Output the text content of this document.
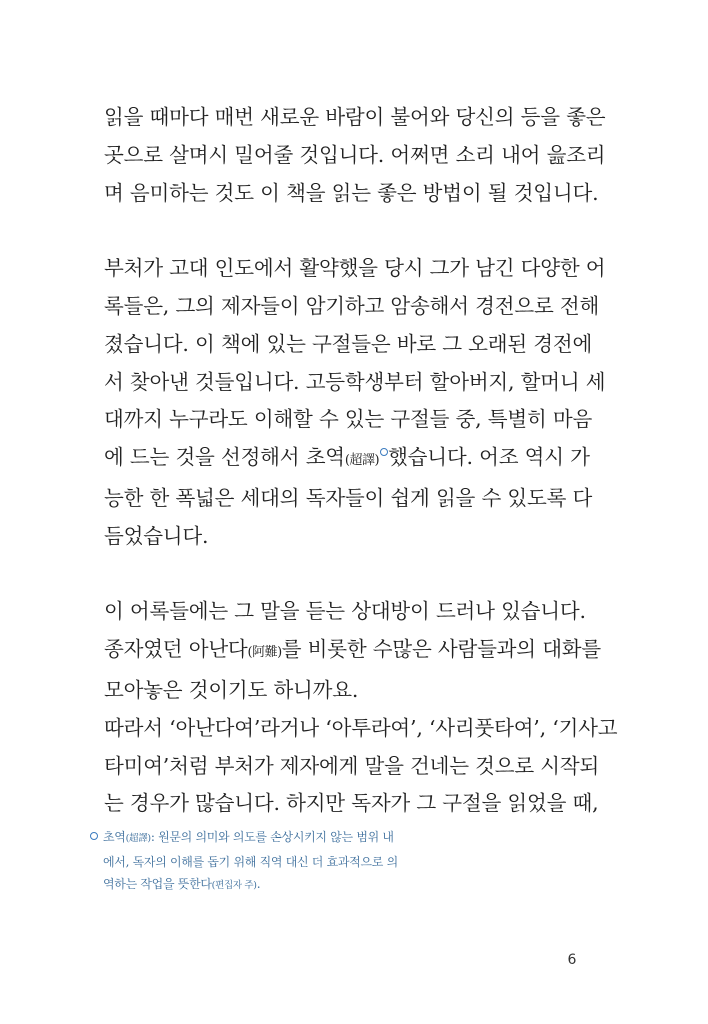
읽을 때마다 매번 새로운 바람이 불어와 당신의 등을 좋은
곳으로 살며시 밀어줄 것입니다. 어쩌면 소리 내어 읊조리
며 음미하는 것도 이 책을 읽는 좋은 방법이 될 것입니다.
부처가 고대 인도에서 활약했을 당시 그가 남긴 다양한 어
록들은, 그의 제자들이 암기하고 암송해서 경전으로 전해
졌습니다. 이 책에 있는 구절들은 바로 그 오래된 경전에
서 찾아낸 것들입니다. 고등학생부터 할아버지, 할머니 세
대까지 누구라도 이해할 수 있는 구절들 중, 특별히 마음
에 드는 것을 선정해서 초역(超譯) 했습니다. 어조 역시 가
능한 한 폭넓은 세대의 독자들이 쉽게 읽을 수 있도록 다
듬었습니다.
이 어록들에는 그 말을 듣는 상대방이 드러나 있습니다.
종자였던 아난다(阿難)를 비롯한 수많은 사람들과의 대화를
모아놓은 것이기도 하니까요.
따라서 ‘아난다여’라거나 ‘아투라여’, ‘사리풋타여’, ‘기사고
타미여’처럼 부처가 제자에게 말을 건네는 것으로 시작되
는 경우가 많습니다. 하지만 독자가 그 구절을 읽었을 때,
초역(超譯): 원문의 의미와 의도를 손상시키지 않는 범위 내
에서, 독자의 이해를 돕기 위해 직역 대신 더 효과적으로 의
역하는 작업을 뜻한다(편집자 주).
6
